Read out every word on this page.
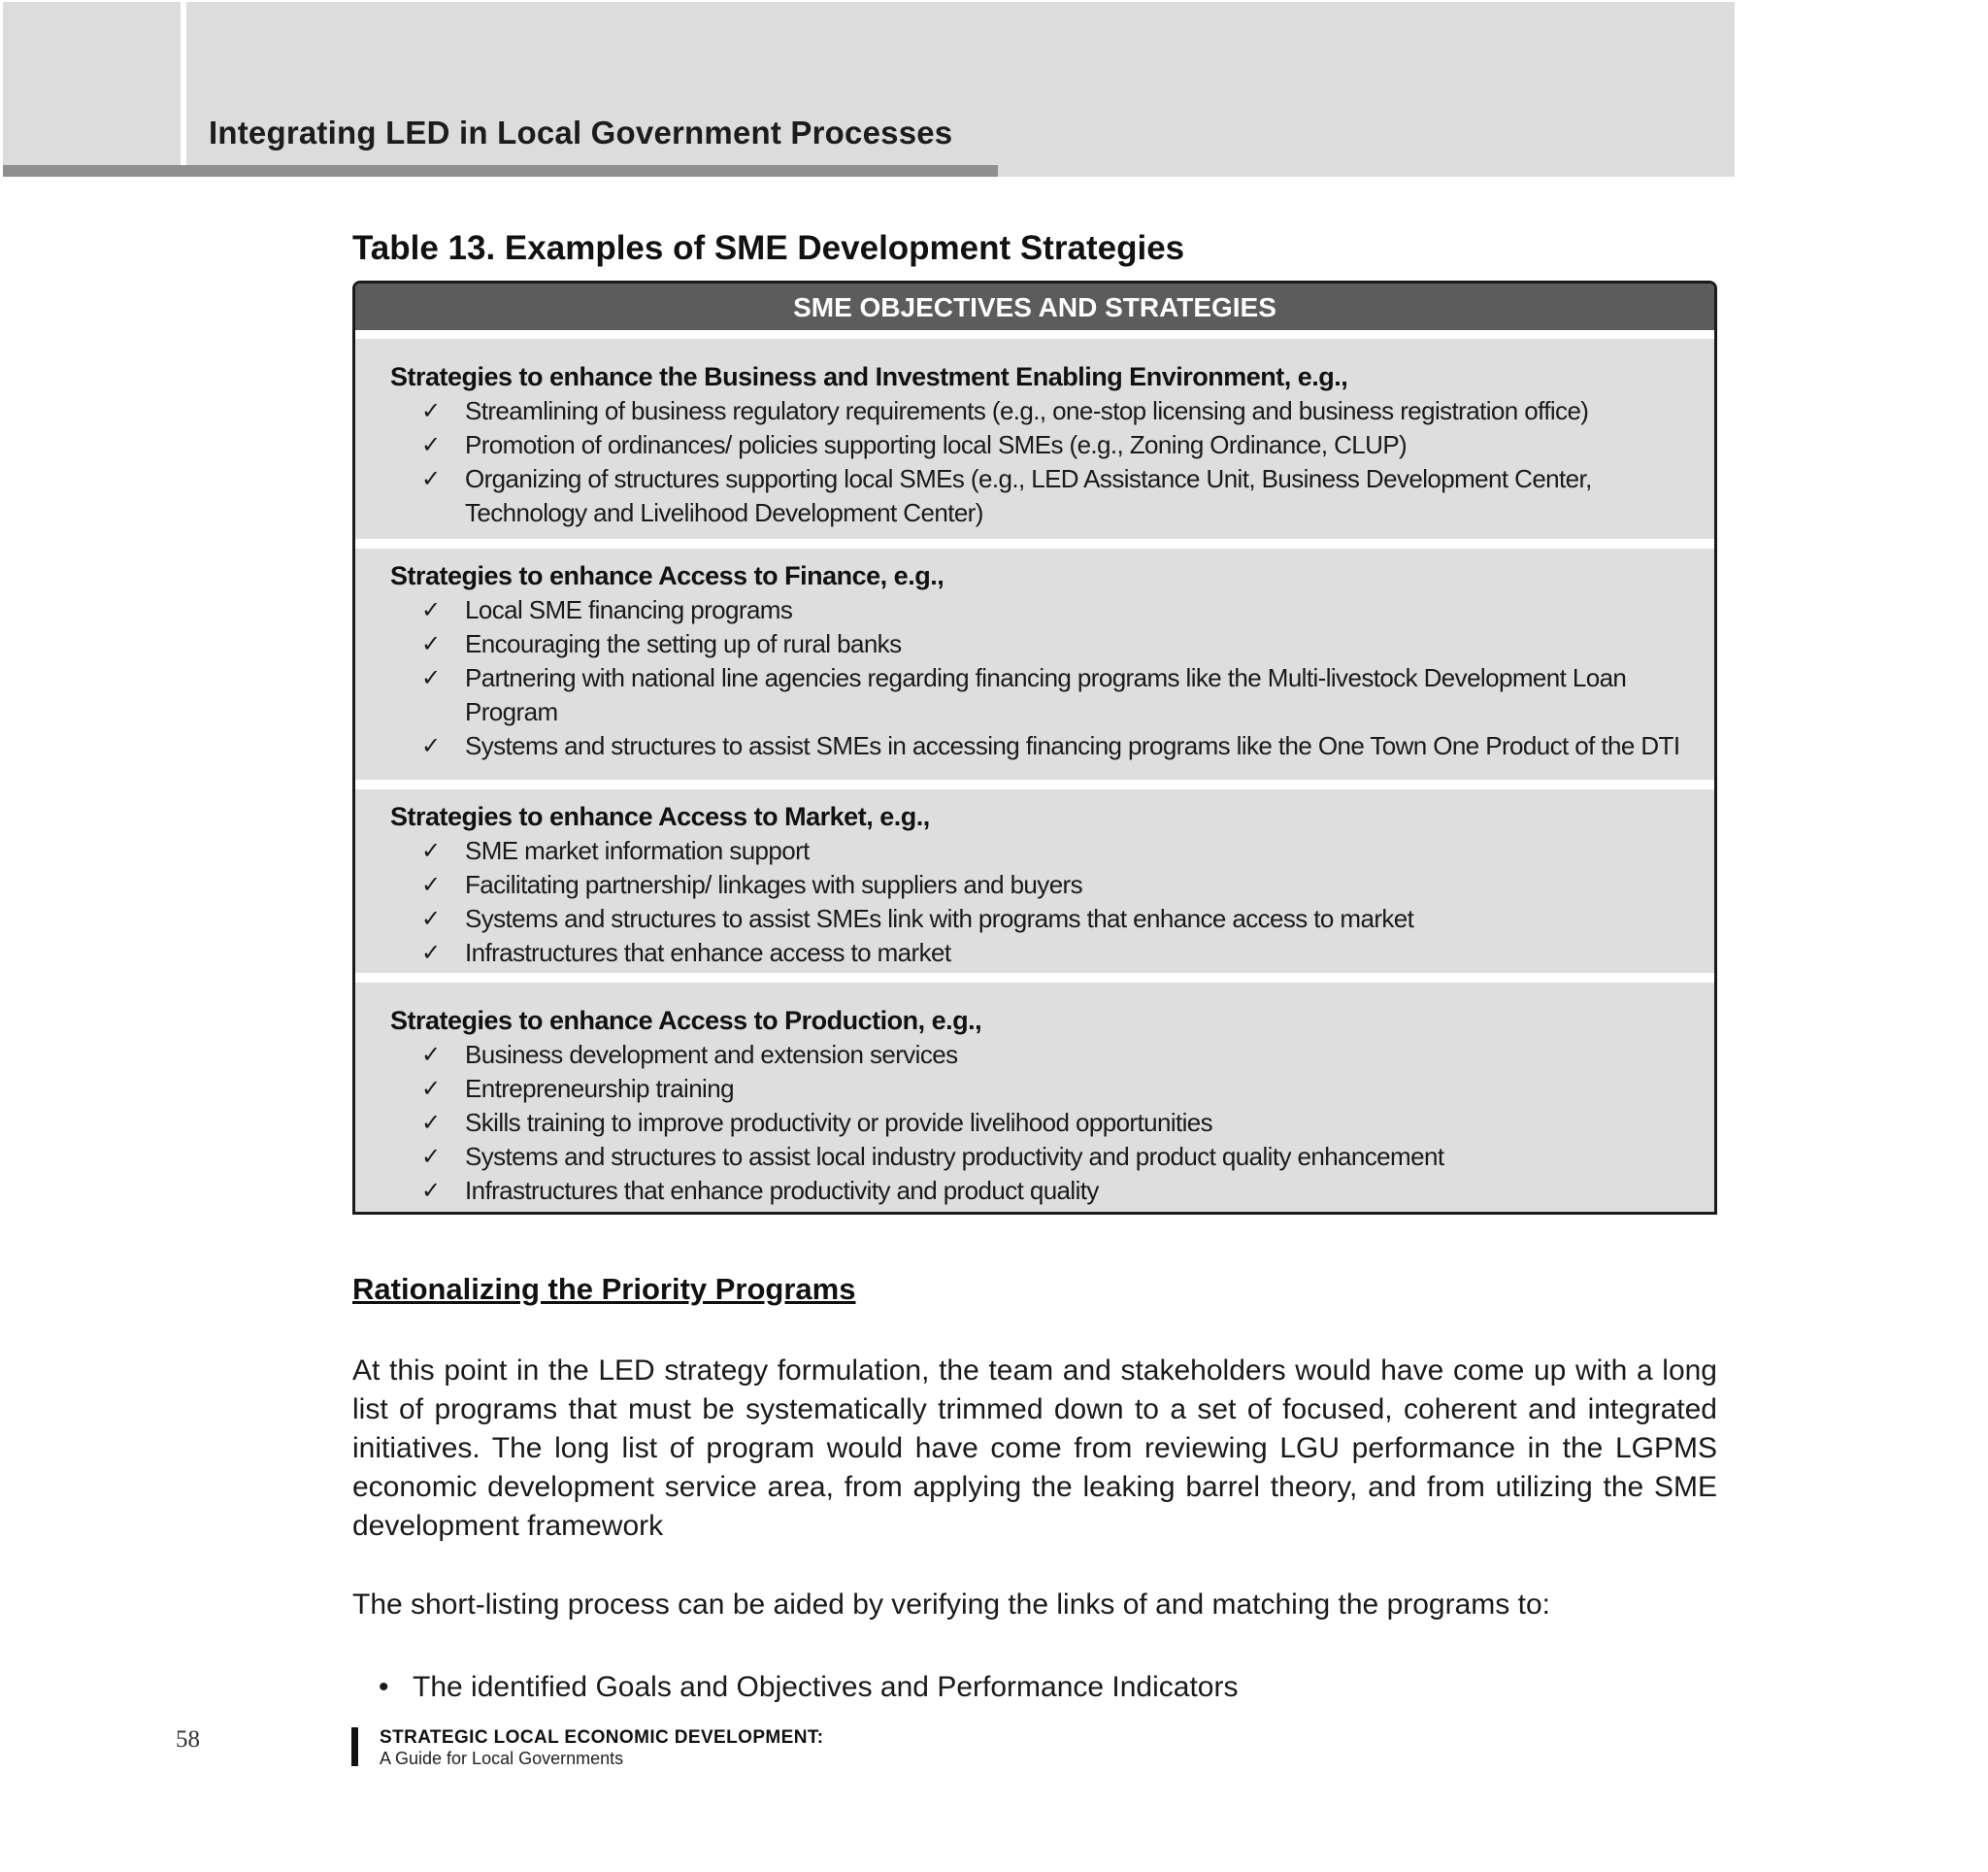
Integrating LED in Local Government Processes
Table 13. Examples of SME Development Strategies
SME OBJECTIVES AND STRATEGIES

Strategies to enhance the Business and Investment Enabling Environment, e.g.,

✓ Streamlining of business regulatory requirements (e.g., one-stop licensing and business registration office)
✓ Promotion of ordinances/ policies supporting local SMEs (e.g., Zoning Ordinance, CLUP)
✓ Organizing of structures supporting local SMEs (e.g., LED Assistance Unit, Business Development Center, Technology and Livelihood Development Center)

Strategies to enhance Access to Finance, e.g.,

✓ Local SME financing programs
✓ Encouraging the setting up of rural banks
✓ Partnering with national line agencies regarding financing programs like the Multi-livestock Development Loan Program
✓ Systems and structures to assist SMEs in accessing financing programs like the One Town One Product of the DTI

Strategies to enhance Access to Market, e.g.,

✓ SME market information support
✓ Facilitating partnership/ linkages with suppliers and buyers
✓ Systems and structures to assist SMEs link with programs that enhance access to market
✓ Infrastructures that enhance access to market

Strategies to enhance Access to Production, e.g.,

✓ Business development and extension services
✓ Entrepreneurship training
✓ Skills training to improve productivity or provide livelihood opportunities
✓ Systems and structures to assist local industry productivity and product quality enhancement
✓ Infrastructures that enhance productivity and product quality
Rationalizing the Priority Programs

At this point in the LED strategy formulation, the team and stakeholders would have come up with a long list of programs that must be systematically trimmed down to a set of focused, coherent and integrated initiatives. The long list of program would have come from reviewing LGU performance in the LGPMS economic development service area, from applying the leaking barrel theory, and from utilizing the SME development framework

The short-listing process can be aided by verifying the links of and matching the programs to:

• The identified Goals and Objectives and Performance Indicators

58	STRATEGIC LOCAL ECONOMIC DEVELOPMENT:
A Guide for Local Governments
